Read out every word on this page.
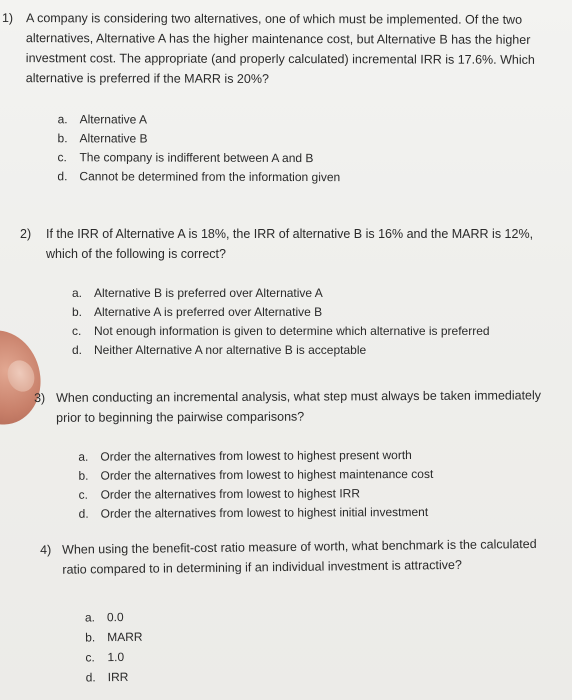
1)	A company is considering two alternatives, one of which must be implemented. Of the two alternatives, Alternative A has the higher maintenance cost, but Alternative B has the higher investment cost. The appropriate (and properly calculated) incremental IRR is 17.6%. Which alternative is preferred if the MARR is 20%?

a. Alternative A
b. Alternative B
c. The company is indifferent between A and B
d. Cannot be determined from the information given
2)	If the IRR of Alternative A is 18%, the IRR of alternative B is 16% and the MARR is 12%, which of the following is correct?

a. Alternative B is preferred over Alternative A
b. Alternative A is preferred over Alternative B
c. Not enough information is given to determine which alternative is preferred
d. Neither Alternative A nor alternative B is acceptable
3) When conducting an incremental analysis, what step must always be taken immediately prior to beginning the pairwise comparisons?

a. Order the alternatives from lowest to highest present worth
b. Order the alternatives from lowest to highest maintenance cost
c. Order the alternatives from lowest to highest IRR
d. Order the alternatives from lowest to highest initial investment
4) When using the benefit-cost ratio measure of worth, what benchmark is the calculated ratio compared to in determining if an individual investment is attractive?

a. 0.0
b. MARR
c. 1.0
d. IRR
